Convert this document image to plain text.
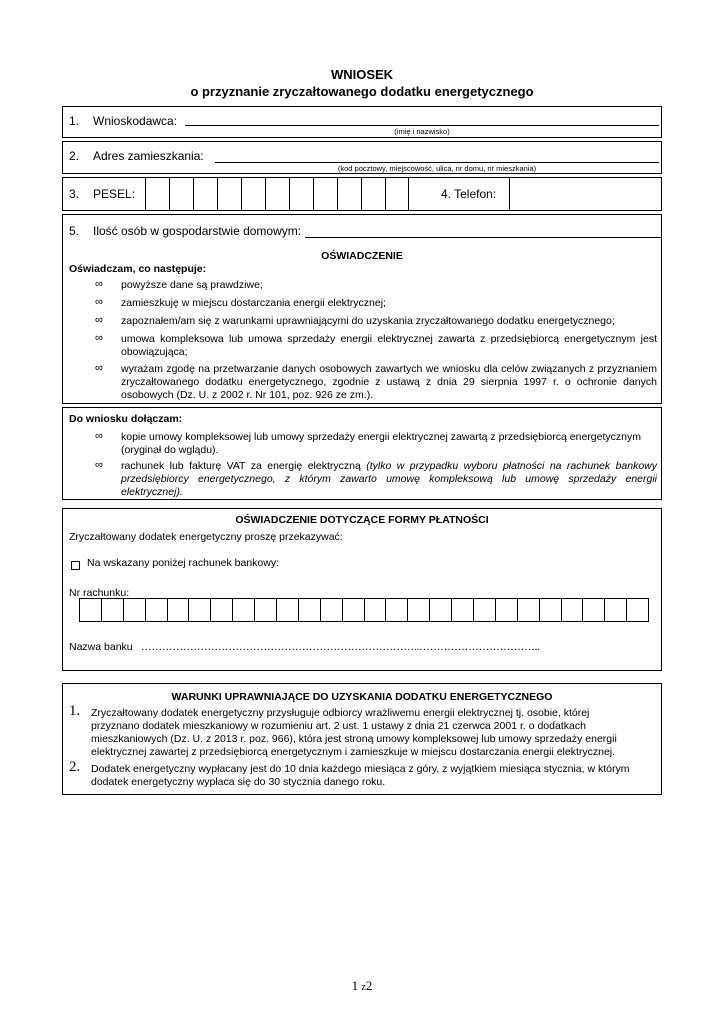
WNIOSEK
o przyznanie zryczałtowanego dodatku energetycznego
1. Wnioskodawca:
(imię i nazwisko)
2. Adres zamieszkania:
(kod pocztowy, miejscowość, ulica, nr domu, nr mieszkania)
3. PESEL:	4. Telefon:
5. Ilość osób w gospodarstwie domowym:
OŚWIADCZENIE
Oświadczam, co następuje:
∞ powyższe dane są prawdziwe;
∞ zamieszkuję w miejscu dostarczania energii elektrycznej;
∞ zapoznałem/am się z warunkami uprawniającymi do uzyskania zryczałtowanego dodatku energetycznego;
∞ umowa kompleksowa lub umowa sprzedaży energii elektrycznej zawarta z przedsiębiorcą energetycznym jest obowiązująca;
∞ wyrażam zgodę na przetwarzanie danych osobowych zawartych we wniosku dla celów związanych z przyznaniem zryczałtowanego dodatku energetycznego, zgodnie z ustawą z dnia 29 sierpnia 1997 r. o ochronie danych osobowych (Dz. U. z 2002 r. Nr 101, poz. 926 ze zm.).
Do wniosku dołączam:
∞ kopie umowy kompleksowej lub umowy sprzedaży energii elektrycznej zawartą z przedsiębiorcą energetycznym (oryginał do wglądu).
∞ rachunek lub fakturę VAT za energię elektryczną (tylko w przypadku wyboru płatności na rachunek bankowy przedsiębiorcy energetycznego, z którym zawarto umowę kompleksową lub umowę sprzedaży energii elektrycznej).
OŚWIADCZENIE DOTYCZĄCE FORMY PŁATNOŚCI
Zryczałtowany dodatek energetyczny proszę przekazywać:
Na wskazany poniżej rachunek bankowy:
Nr rachunku:
Nazwa banku ……………………………………………………………………..……………………………..
WARUNKI UPRAWNIAJĄCE DO UZYSKANIA DODATKU ENERGETYCZNEGO
1. Zryczałtowany dodatek energetyczny przysługuje odbiorcy wrażliwemu energii elektrycznej tj. osobie, której przyznano dodatek mieszkaniowy w rozumieniu art. 2 ust. 1 ustawy z dnia 21 czerwca 2001 r. o dodatkach mieszkaniowych (Dz. U. z 2013 r. poz. 966), która jest stroną umowy kompleksowej lub umowy sprzedaży energii elektrycznej zawartej z przedsiębiorcą energetycznym i zamieszkuje w miejscu dostarczania energii elektrycznej.
2. Dodatek energetyczny wypłacany jest do 10 dnia każdego miesiąca z góry, z wyjątkiem miesiąca stycznia, w którym dodatek energetyczny wypłaca się do 30 stycznia danego roku.
1 z2
